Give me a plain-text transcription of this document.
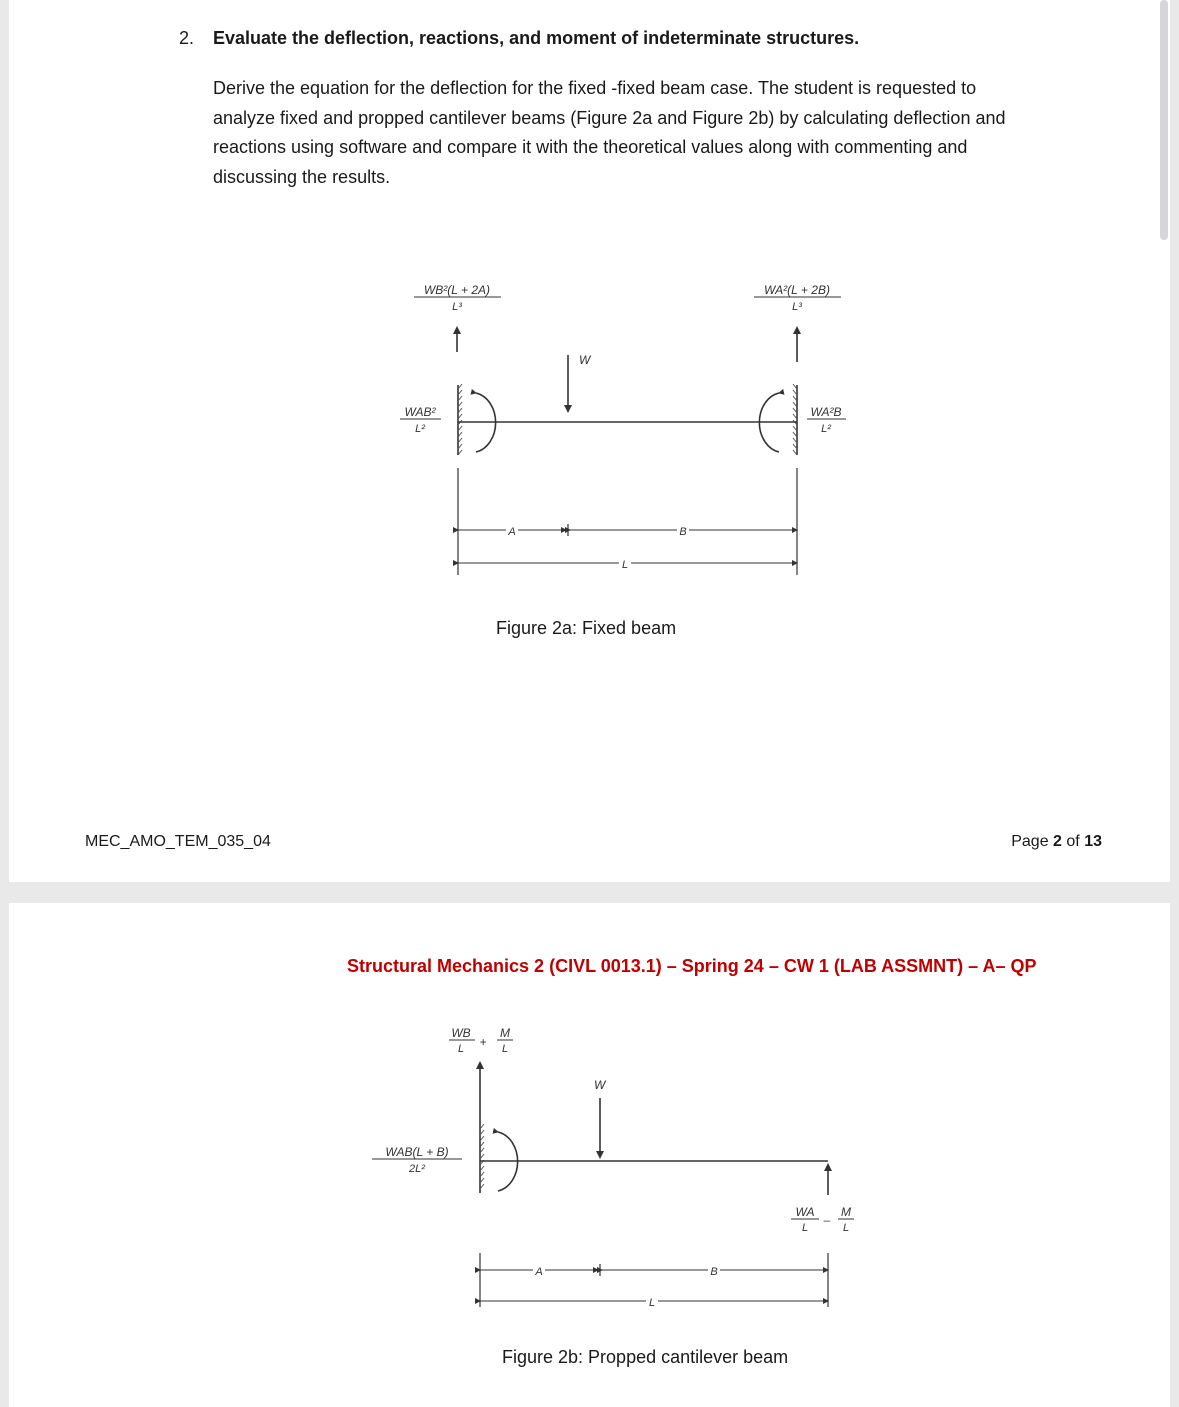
2. Evaluate the deflection, reactions, and moment of indeterminate structures.
Derive the equation for the deflection for the fixed -fixed beam case. The student is requested to analyze fixed and propped cantilever beams (Figure 2a and Figure 2b) by calculating deflection and reactions using software and compare it with the theoretical values along with commenting and discussing the results.
WB²(L + 2A)
L³
WA²(L + 2B)
L³
W
WAB²
L²
WA²B
L²
A	B
L
Figure 2a: Fixed beam
MEC_AMO_TEM_035_04	Page 2 of 13
Structural Mechanics 2 (CIVL 0013.1) – Spring 24 – CW 1 (LAB ASSMNT) – A– QP
WB
L +
M
L
W
WAB(L + B)
2L²
WA
L
–
M
L
A	B
L
Figure 2b: Propped cantilever beam
